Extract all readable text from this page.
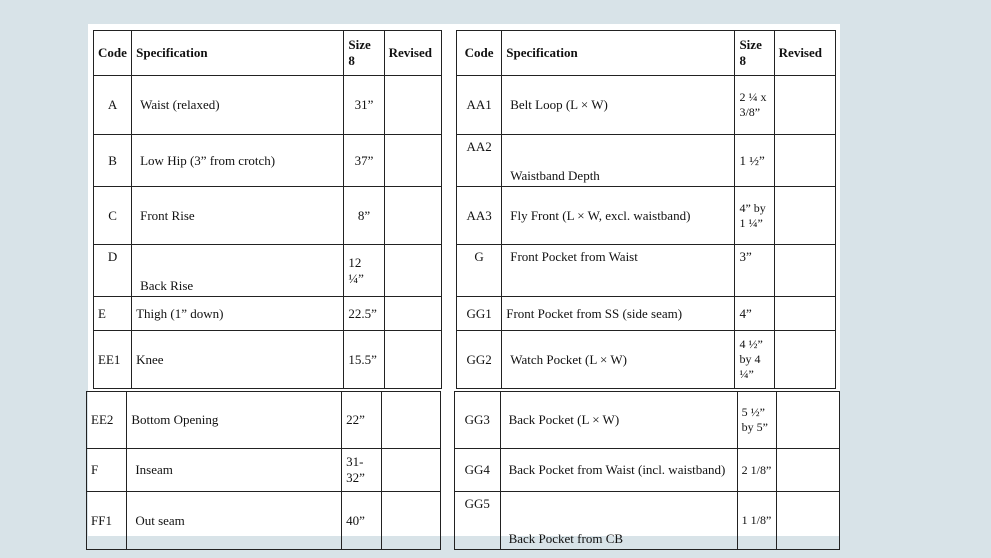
Code	Specification	Size 8	Revised
A	Waist (relaxed)	31”	
B	Low Hip (3” from crotch)	37”	
C	Front Rise	8”	
D	Back Rise	12 ¼”	
E	Thigh (1” down)	22.5”	
EE1	Knee	15.5”	
Code	Specification	Size 8	Revised
AA1	Belt Loop (L × W)	2 ¼ x 3/8”	
AA2	Waistband Depth	1 ½”	
AA3	Fly Front (L × W, excl. waistband)	4” by 1 ¼”	
G	Front Pocket from Waist	3”	
GG1	Front Pocket from SS (side seam)	4”	
GG2	Watch Pocket (L × W)	4 ½” by 4 ¼”	
EE2	Bottom Opening	22”	
F	Inseam	31-32”	
FF1	Out seam	40”	
GG3	Back Pocket (L × W)	5 ½” by 5”	
GG4	Back Pocket from Waist (incl. waistband)	2 1/8”	
GG5	Back Pocket from CB	1 1/8”	
